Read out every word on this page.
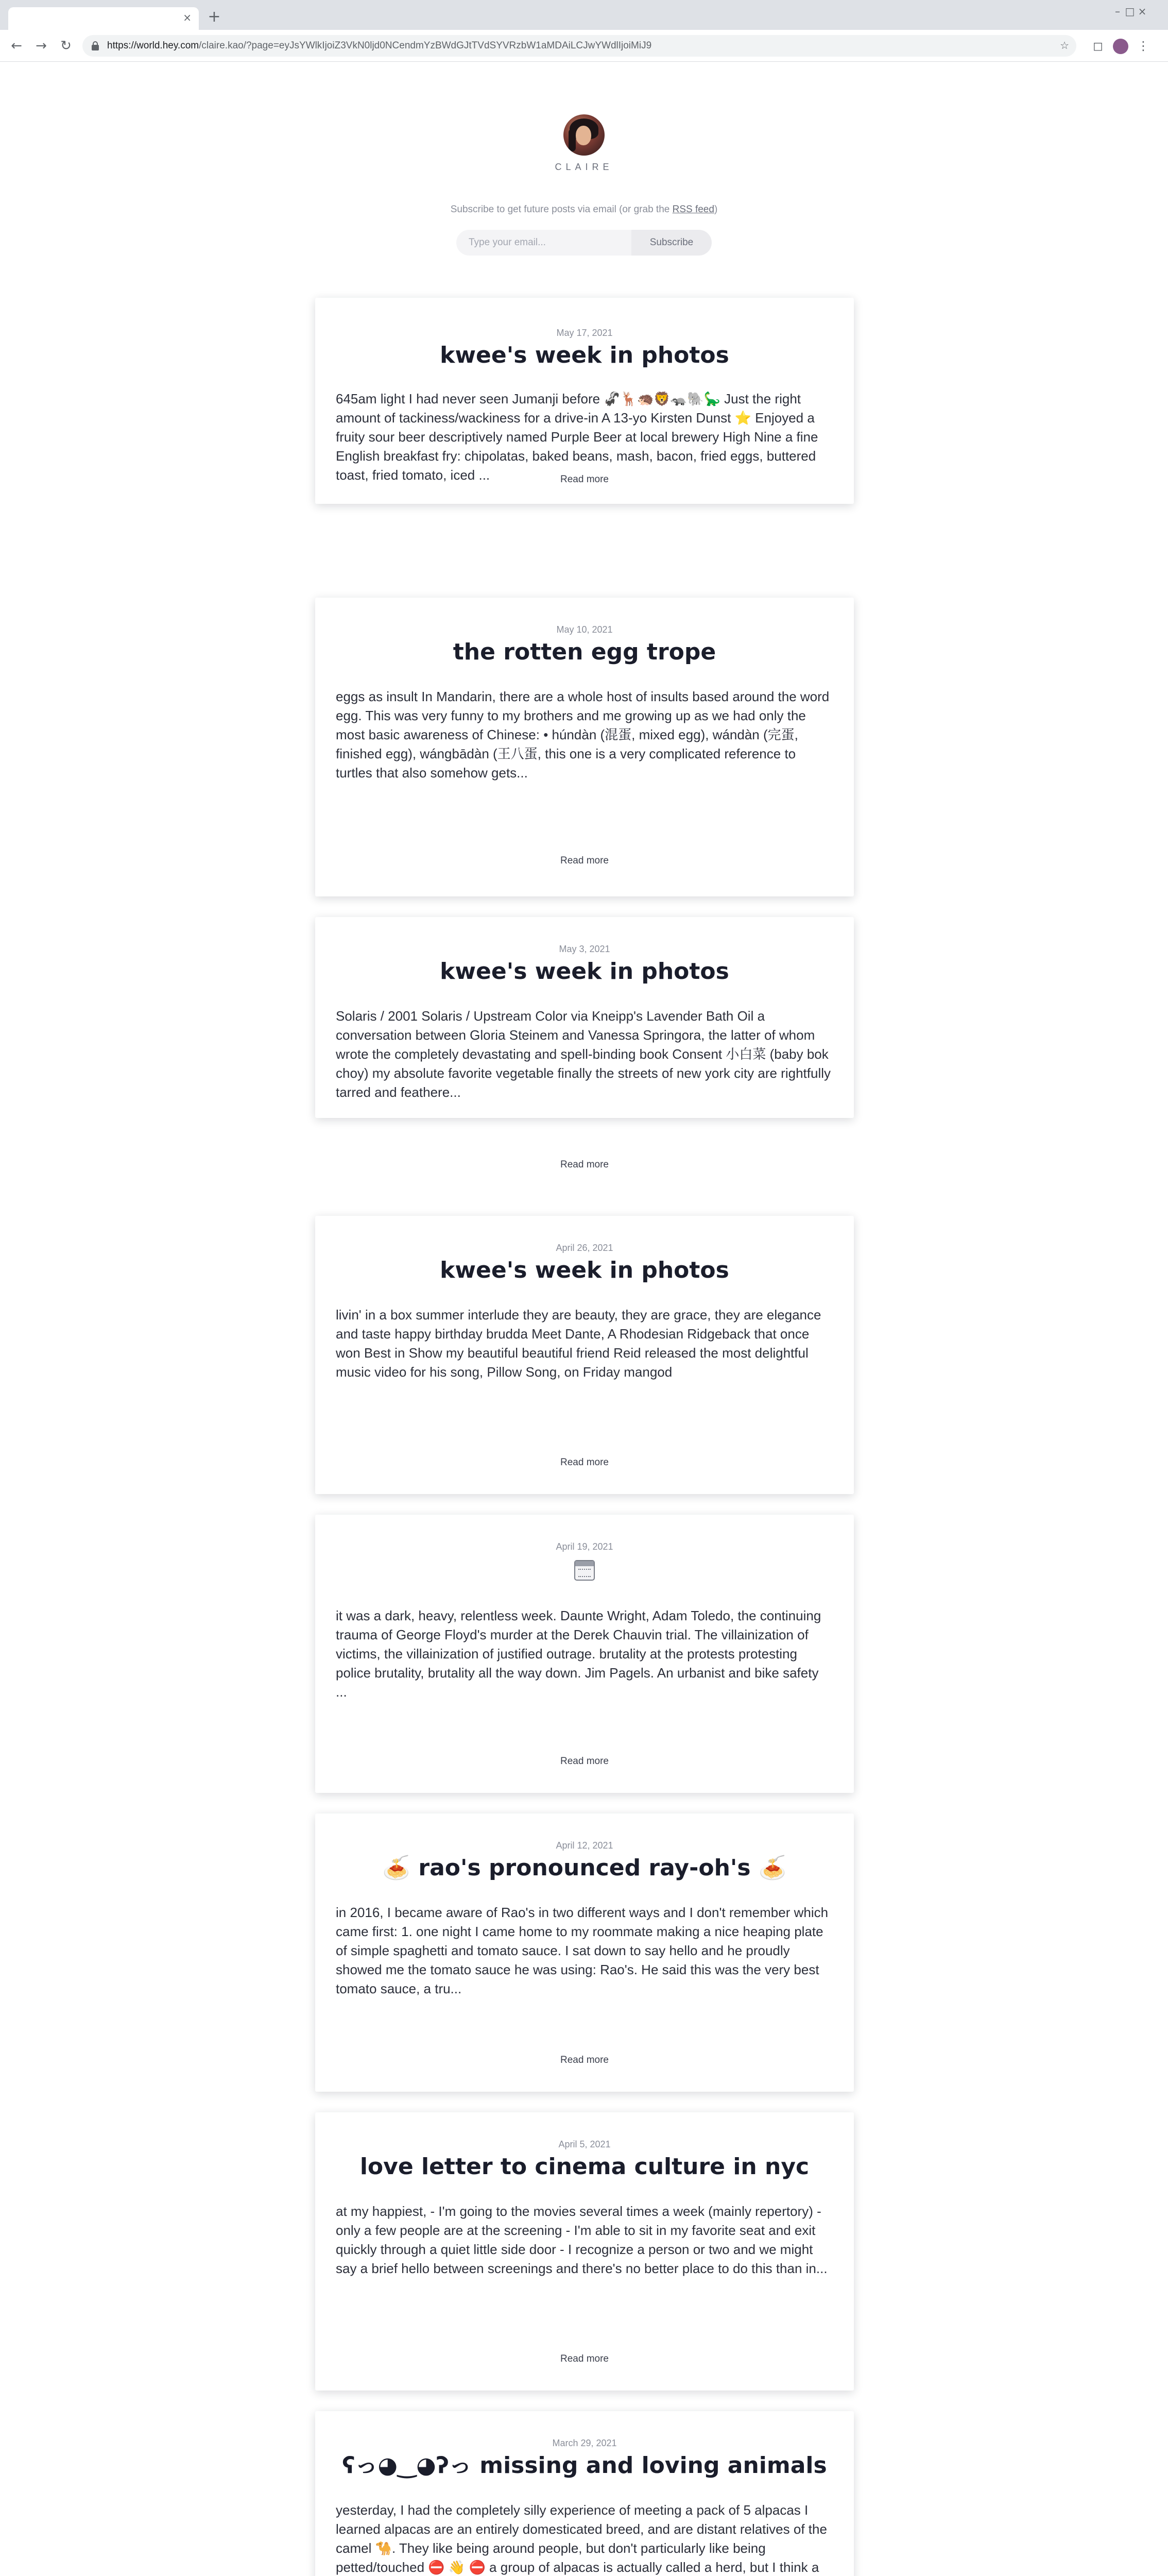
× +	– □ ×
← → ↻	https://world.hey.com/claire.kao/?page=eyJsYWlkIjoiZ3VkN0ljd0NCendmYzBWdGJtTVdSYVRzbW1aMDAiLCJwYWdlIjoiMiJ9	☆	◻	⋮
CLAIRE
Subscribe to get future posts via email (or grab the RSS feed)
Type your email...
Subscribe
May 17, 2021
kwee's week in photos
645am light I had never seen Jumanji before 🦨🦌🦔🦁🦡🐘🦕 Just the right amount of tackiness/wackiness for a drive-in A 13-yo Kirsten Dunst ⭐ Enjoyed a fruity sour beer descriptively named Purple Beer at local brewery High Nine a fine English breakfast fry: chipolatas, baked beans, mash, bacon, fried eggs, buttered toast, fried tomato, iced ...	Read more
May 10, 2021
the rotten egg trope
eggs as insult In Mandarin, there are a whole host of insults based around the word egg. This was very funny to my brothers and me growing up as we had only the most basic awareness of Chinese: • húndàn (混蛋, mixed egg), wándàn (完蛋, finished egg), wángbādàn (王八蛋, this one is a very complicated reference to turtles that also somehow gets...
Read more
May 3, 2021
kwee's week in photos
Solaris / 2001 Solaris / Upstream Color via Kneipp's Lavender Bath Oil a conversation between Gloria Steinem and Vanessa Springora, the latter of whom wrote the completely devastating and spell-binding book Consent 小白菜 (baby bok choy) my absolute favorite vegetable finally the streets of new york city are rightfully tarred and feathere...
Read more
April 26, 2021
kwee's week in photos
livin' in a box summer interlude they are beauty, they are grace, they are elegance and taste happy birthday brudda Meet Dante, A Rhodesian Ridgeback that once won Best in Show my beautiful beautiful friend Reid released the most delightful music video for his song, Pillow Song, on Friday mangod
Read more
April 19, 2021
it was a dark, heavy, relentless week. Daunte Wright, Adam Toledo, the continuing trauma of George Floyd's murder at the Derek Chauvin trial. The villainization of victims, the villainization of justified outrage. brutality at the protests protesting police brutality, brutality all the way down. Jim Pagels. An urbanist and bike safety ...
Read more
April 12, 2021
🍝 rao's pronounced ray-oh's 🍝
in 2016, I became aware of Rao's in two different ways and I don't remember which came first: 1. one night I came home to my roommate making a nice heaping plate of simple spaghetti and tomato sauce. I sat down to say hello and he proudly showed me the tomato sauce he was using: Rao's. He said this was the very best tomato sauce, a tru...
Read more
April 5, 2021
love letter to cinema culture in nyc
at my happiest, - I'm going to the movies several times a week (mainly repertory) - only a few people are at the screening - I'm able to sit in my favorite seat and exit quickly through a quiet little side door - I recognize a person or two and we might say a brief hello between screenings and there's no better place to do this than in...
Read more
March 29, 2021
ʕっ◕‿◕ʔっ missing and loving animals
yesterday, I had the completely silly experience of meeting a pack of 5 alpacas I learned alpacas are an entirely domesticated breed, and are distant relatives of the camel 🐪. They like being around people, but don't particularly like being petted/touched ⛔ 👋 ⛔ a group of alpacas is actually called a herd, but I think a
